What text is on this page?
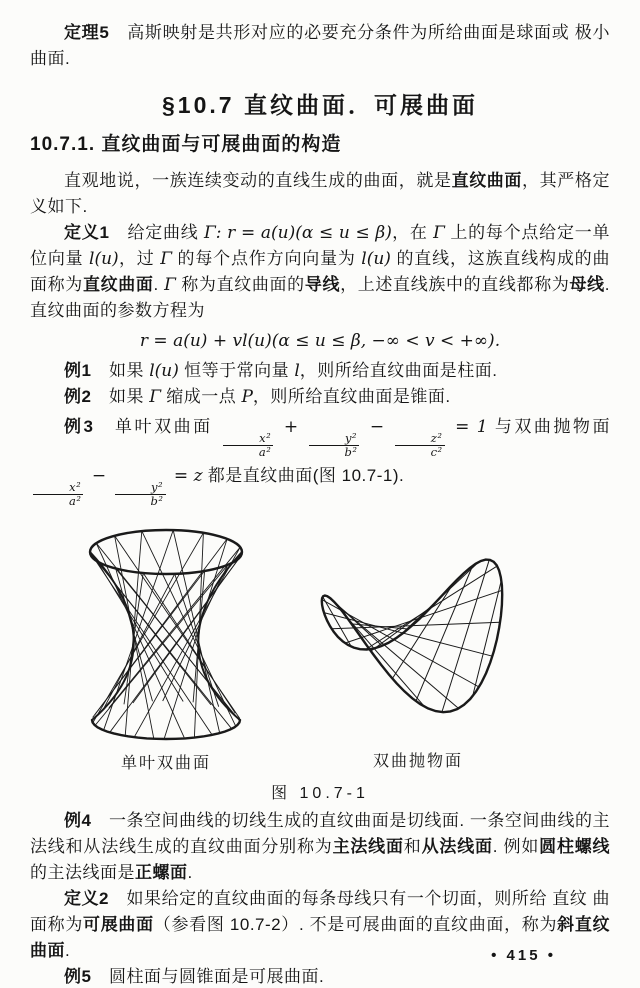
定理5　高斯映射是共形对应的必要充分条件为所给曲面是球面或 极小曲面.

§10.7 直纹曲面．可展曲面
10.7.1. 直纹曲面与可展曲面的构造

直观地说，一族连续变动的直线生成的曲面，就是直纹曲面，其严格定义如下.

定义1　给定曲线 Γ: r = a(u)(α ≤ u ≤ β)，在 Γ 上的每个点给定一单位向量 l(u)，过 Γ 的每个点作方向向量为 l(u) 的直线，这族直线构成的曲面称为直纹曲面. Γ 称为直纹曲面的导线，上述直线族中的直线都称为母线. 直纹曲面的参数方程为

r = a(u) + vl(u)(α ≤ u ≤ β, −∞ < v < +∞).

例1　如果 l(u) 恒等于常向量 l，则所给直纹曲面是柱面.

例2　如果 Γ 缩成一点 P，则所给直纹曲面是锥面.

例3　单叶双曲面
$\frac{\text{x²}}{\text{a²}}$
+
$\frac{\text{y²}}{\text{b²}}$
−
$\frac{\text{z²}}{\text{c²}}$
= 1 与双曲抛物面
$\frac{\text{x²}}{\text{a²}}$
−
$\frac{\text{y²}}{\text{b²}}$
= z 都是直纹曲面(图 10.7-1).

单叶双曲面	双曲抛物面
图 10.7-1

例4　一条空间曲线的切线生成的直纹曲面是切线面. 一条空间曲线的主法线和从法线生成的直纹曲面分别称为主法线面和从法线面. 例如圆柱螺线的主法线面是正螺面.

定义2　如果给定的直纹曲面的每条母线只有一个切面，则所给 直纹 曲面称为可展曲面（参看图 10.7-2）. 不是可展曲面的直纹曲面，称为斜直纹曲面.

例5　圆柱面与圆锥面是可展曲面.

• 415 •
